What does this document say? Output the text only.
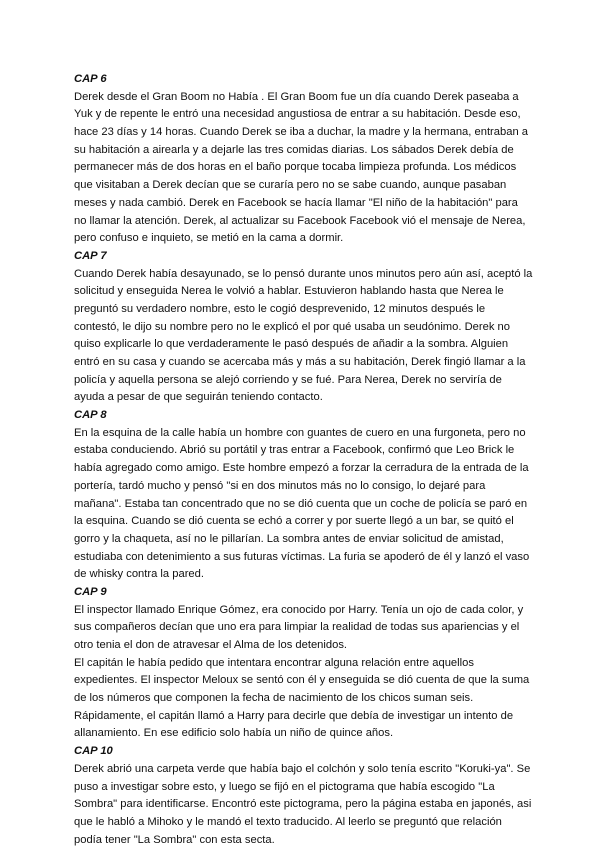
CAP 6
Derek desde el Gran Boom no Había . El Gran Boom fue un día cuando Derek paseaba a
Yuk y de repente le entró una necesidad angustiosa de entrar a su habitación. Desde eso,
hace 23 días y 14 horas. Cuando Derek se iba a duchar, la madre y la hermana, entraban a
su habitación a airearla y a dejarle las tres comidas diarias. Los sábados Derek debía de
permanecer más de dos horas en el baño porque tocaba limpieza profunda. Los médicos
que visitaban a Derek decían que se curaría pero no se sabe cuando, aunque pasaban
meses y nada cambió. Derek en Facebook se hacía llamar "El niño de la habitación" para
no llamar la atención. Derek, al actualizar su Facebook Facebook vió el mensaje de Nerea,
pero confuso e inquieto, se metió en la cama a dormir.
CAP 7
Cuando Derek había desayunado, se lo pensó durante unos minutos pero aún así, aceptó la
solicitud y enseguida Nerea le volvió a hablar. Estuvieron hablando hasta que Nerea le
preguntó su verdadero nombre, esto le cogió desprevenido, 12 minutos después le
contestó, le dijo su nombre pero no le explicó el por qué usaba un seudónimo. Derek no
quiso explicarle lo que verdaderamente le pasó después de añadir a la sombra. Alguien
entró en su casa y cuando se acercaba más y más a su habitación, Derek fingió llamar a la
policía y aquella persona se alejó corriendo y se fué. Para Nerea, Derek no serviría de
ayuda a pesar de que seguirán teniendo contacto.
CAP 8
En la esquina de la calle había un hombre con guantes de cuero en una furgoneta, pero no
estaba conduciendo. Abrió su portátil y tras entrar a Facebook, confirmó que Leo Brick le
había agregado como amigo. Este hombre empezó a forzar la cerradura de la entrada de la
portería, tardó mucho y pensó "si en dos minutos más no lo consigo, lo dejaré para
mañana". Estaba tan concentrado que no se dió cuenta que un coche de policía se paró en
la esquina. Cuando se dió cuenta se echó a correr y por suerte llegó a un bar, se quitó el
gorro y la chaqueta, así no le pillarían. La sombra antes de enviar solicitud de amistad,
estudiaba con detenimiento a sus futuras víctimas. La furia se apoderó de él y lanzó el vaso
de whisky contra la pared.
CAP 9
El inspector llamado Enrique Gómez, era conocido por Harry. Tenía un ojo de cada color, y
sus compañeros decían que uno era para limpiar la realidad de todas sus apariencias y el
otro tenia el don de atravesar el Alma de los detenidos.
El capitán le había pedido que intentara encontrar alguna relación entre aquellos
expedientes. El inspector Meloux se sentó con él y enseguida se dió cuenta de que la suma
de los números que componen la fecha de nacimiento de los chicos suman seis.
Rápidamente, el capitán llamó a Harry para decirle que debía de investigar un intento de
allanamiento. En ese edificio solo había un niño de quince años.
CAP 10
Derek abrió una carpeta verde que había bajo el colchón y solo tenía escrito "Koruki-ya". Se
puso a investigar sobre esto, y luego se fijó en el pictograma que había escogido "La
Sombra" para identificarse. Encontró este pictograma, pero la página estaba en japonés, asi
que le habló a Mihoko y le mandó el texto traducido. Al leerlo se preguntó que relación
podía tener "La Sombra" con esta secta.
